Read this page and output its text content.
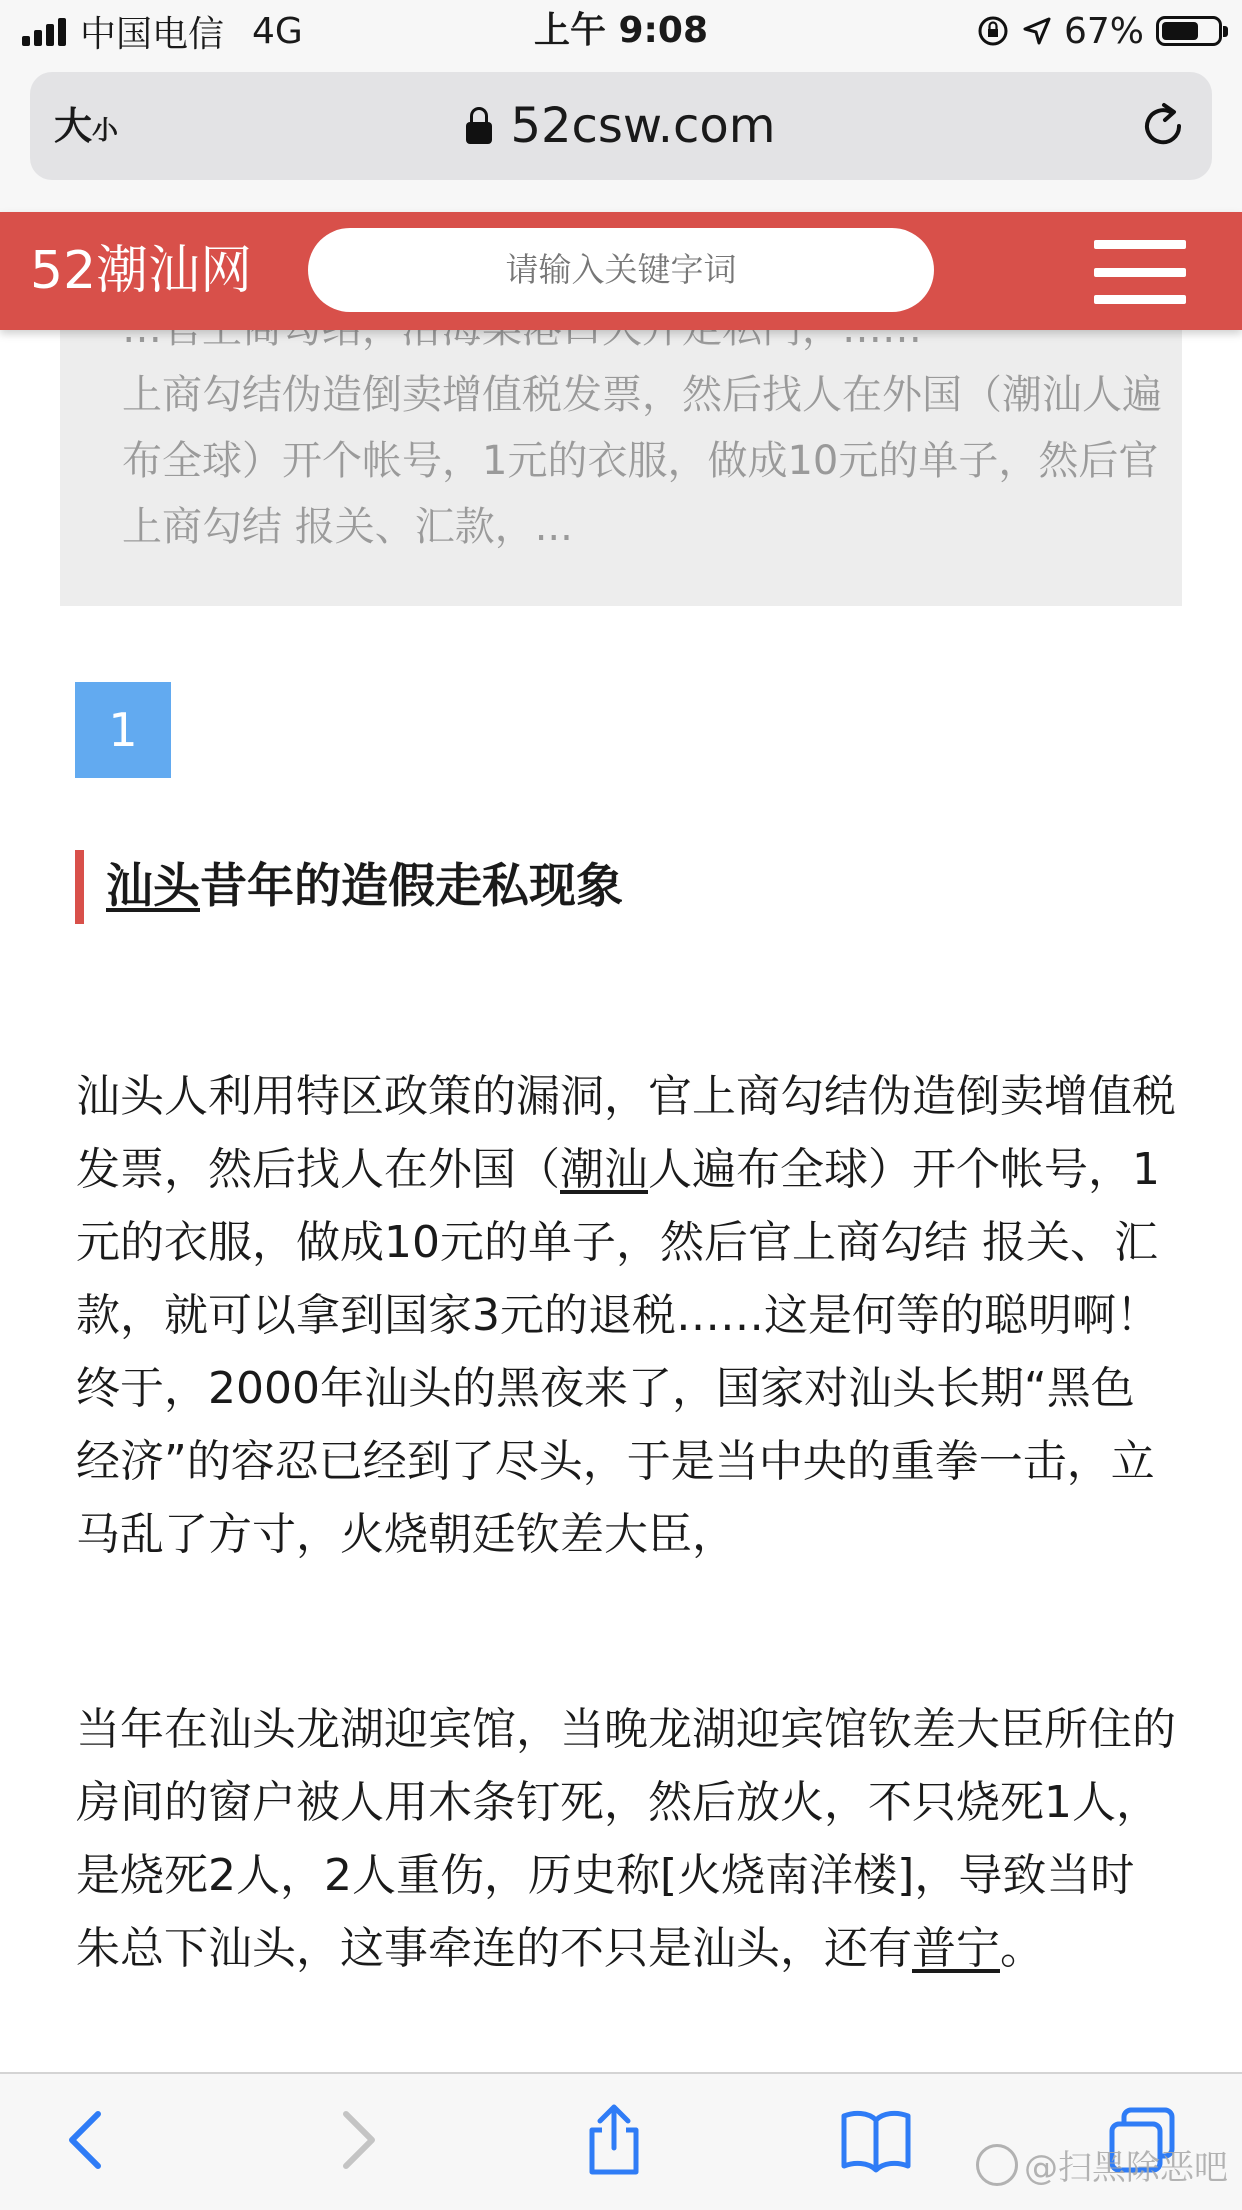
中国电信 4G	上午 9:08	67%
大小	52csw.com
上商勾结伪造倒卖增值税发票，然后找人在外国（潮汕人遍布全球）开个帐号，1元的衣服，做成10元的单子，然后官上商勾结 报关、汇款，...
52潮汕网	请输入关键字词
1
汕头昔年的造假走私现象
汕头人利用特区政策的漏洞，官上商勾结伪造倒卖增值税发票，然后找人在外国（潮汕人遍布全球）开个帐号，1元的衣服，做成10元的单子，然后官上商勾结 报关、汇款，就可以拿到国家3元的退税……这是何等的聪明啊！终于，2000年汕头的黑夜来了，国家对汕头长期“黑色经济”的容忍已经到了尽头，于是当中央的重拳一击，立马乱了方寸，火烧朝廷钦差大臣，
当年在汕头龙湖迎宾馆，当晚龙湖迎宾馆钦差大臣所住的房间的窗户被人用木条钉死，然后放火，不只烧死1人，是烧死2人，2人重伤，历史称[火烧南洋楼]，导致当时朱总下汕头，这事牵连的不只是汕头，还有普宁。
@扫黑除恶吧
